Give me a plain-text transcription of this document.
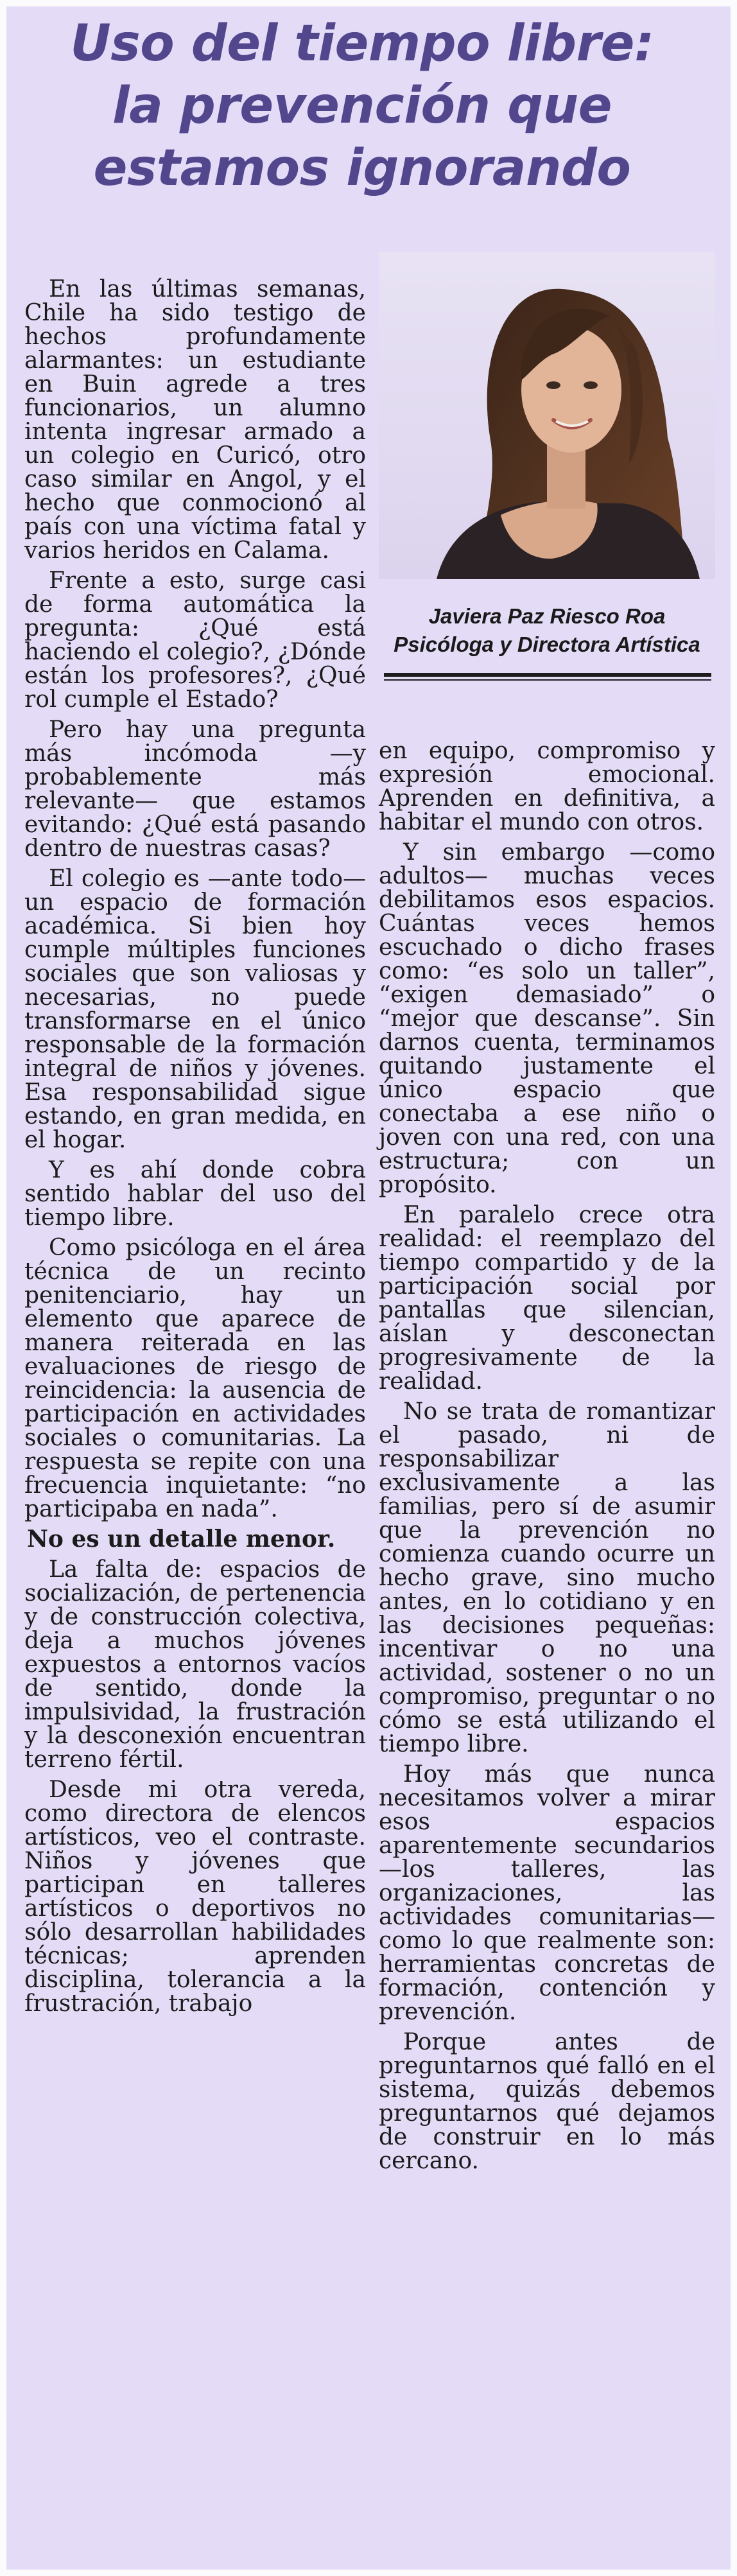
Uso del tiempo libre:
la prevención que
estamos ignorando
Javiera Paz Riesco Roa
Psicóloga y Directora Artística

En las últimas semanas, Chile ha sido testigo de hechos profundamente alarmantes: un estudiante en Buin agrede a tres funcionarios, un alumno intenta ingresar armado a un colegio en Curicó, otro caso similar en Angol, y el hecho que conmocionó al país con una víctima fatal y varios heridos en Calama.

Frente a esto, surge casi de forma automática la pregunta: ¿Qué está haciendo el colegio?, ¿Dónde están los profesores?, ¿Qué rol cumple el Estado?

Pero hay una pregunta más incómoda —y probablemente más relevante— que estamos evitando: ¿Qué está pasando dentro de nuestras casas?

El colegio es —ante todo— un espacio de formación académica. Si bien hoy cumple múltiples funciones sociales que son valiosas y necesarias, no puede transformarse en el único responsable de la formación integral de niños y jóvenes. Esa responsabilidad sigue estando, en gran medida, en el hogar.

Y es ahí donde cobra sentido hablar del uso del tiempo libre.

Como psicóloga en el área técnica de un recinto penitenciario, hay un elemento que aparece de manera reiterada en las evaluaciones de riesgo de reincidencia: la ausencia de participación en actividades sociales o comunitarias. La respuesta se repite con una frecuencia inquietante: “no participaba en nada”.

No es un detalle menor.

La falta de: espacios de socialización, de pertenencia y de construcción colectiva, deja a muchos jóvenes expuestos a entornos vacíos de sentido, donde la impulsividad, la frustración y la desconexión encuentran terreno fértil.

Desde mi otra vereda, como directora de elencos artísticos, veo el contraste. Niños y jóvenes que participan en talleres artísticos o deportivos no sólo desarrollan habilidades técnicas; aprenden disciplina, tolerancia a la frustración, trabajo

en equipo, compromiso y expresión emocional. Aprenden en definitiva, a habitar el mundo con otros.

Y sin embargo —como adultos— muchas veces debilitamos esos espacios. Cuántas veces hemos escuchado o dicho frases como: “es solo un taller”, “exigen demasiado” o “mejor que descanse”. Sin darnos cuenta, terminamos quitando justamente el único espacio que conectaba a ese niño o joven con una red, con una estructura; con un propósito.

En paralelo crece otra realidad: el reemplazo del tiempo compartido y de la participación social por pantallas que silencian, aíslan y desconectan progresivamente de la realidad.

No se trata de romantizar el pasado, ni de responsabilizar exclusivamente a las familias, pero sí de asumir que la prevención no comienza cuando ocurre un hecho grave, sino mucho antes, en lo cotidiano y en las decisiones pequeñas: incentivar o no una actividad, sostener o no un compromiso, preguntar o no cómo se está utilizando el tiempo libre.

Hoy más que nunca necesitamos volver a mirar esos espacios aparentemente secundarios —los talleres, las organizaciones, las actividades comunitarias— como lo que realmente son: herramientas concretas de formación, contención y prevención.

Porque antes de preguntarnos qué falló en el sistema, quizás debemos preguntarnos qué dejamos de construir en lo más cercano.
